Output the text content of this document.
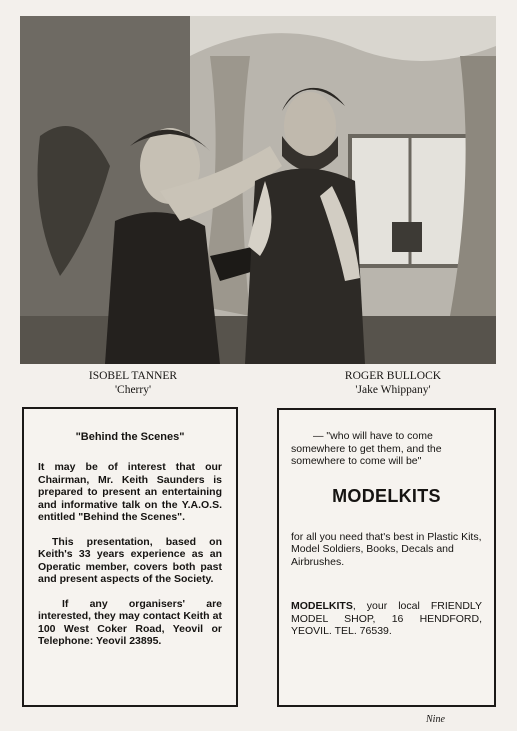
ISOBEL TANNER
'Cherry'
ROGER BULLOCK
'Jake Whippany'

"Behind the Scenes"

It may be of interest that our Chairman, Mr. Keith Saunders is prepared to present an entertaining and informative talk on the Y.A.O.S. entitled "Behind the Scenes".

This presentation, based on Keith's 33 years experience as an Operatic member, covers both past and present aspects of the Society.

If any organisers' are interested, they may contact Keith at 100 West Coker Road, Yeovil or Telephone: Yeovil 23895.

— "who will have to come somewhere to get them, and the somewhere to come will be"

MODELKITS

for all you need that's best in Plastic Kits, Model Soldiers, Books, Decals and Airbrushes.

MODELKITS, your local FRIENDLY MODEL SHOP, 16 HENDFORD, YEOVIL. TEL. 76539.

Nine
